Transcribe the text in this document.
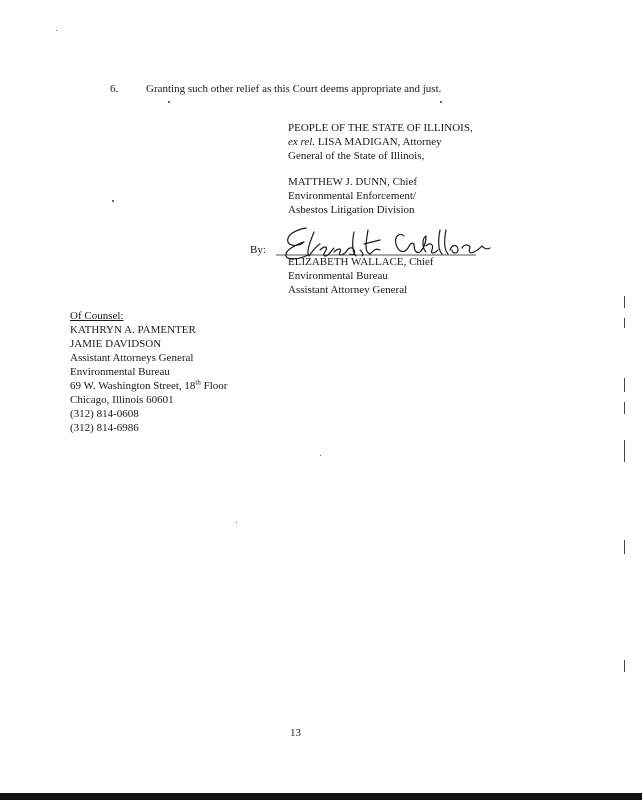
6.	Granting such other relief as this Court deems appropriate and just.
PEOPLE OF THE STATE OF ILLINOIS,
ex rel. LISA MADIGAN, Attorney
General of the State of Illinois,
MATTHEW J. DUNN, Chief
Environmental Enforcement/
Asbestos Litigation Division
By:
ELIZABETH WALLACE, Chief
Environmental Bureau
Assistant Attorney General
Of Counsel:
KATHRYN A. PAMENTER
JAMIE DAVIDSON
Assistant Attorneys General
Environmental Bureau
69 W. Washington Street, 18th Floor
Chicago, Illinois 60601
(312) 814-0608
(312) 814-6986
13
